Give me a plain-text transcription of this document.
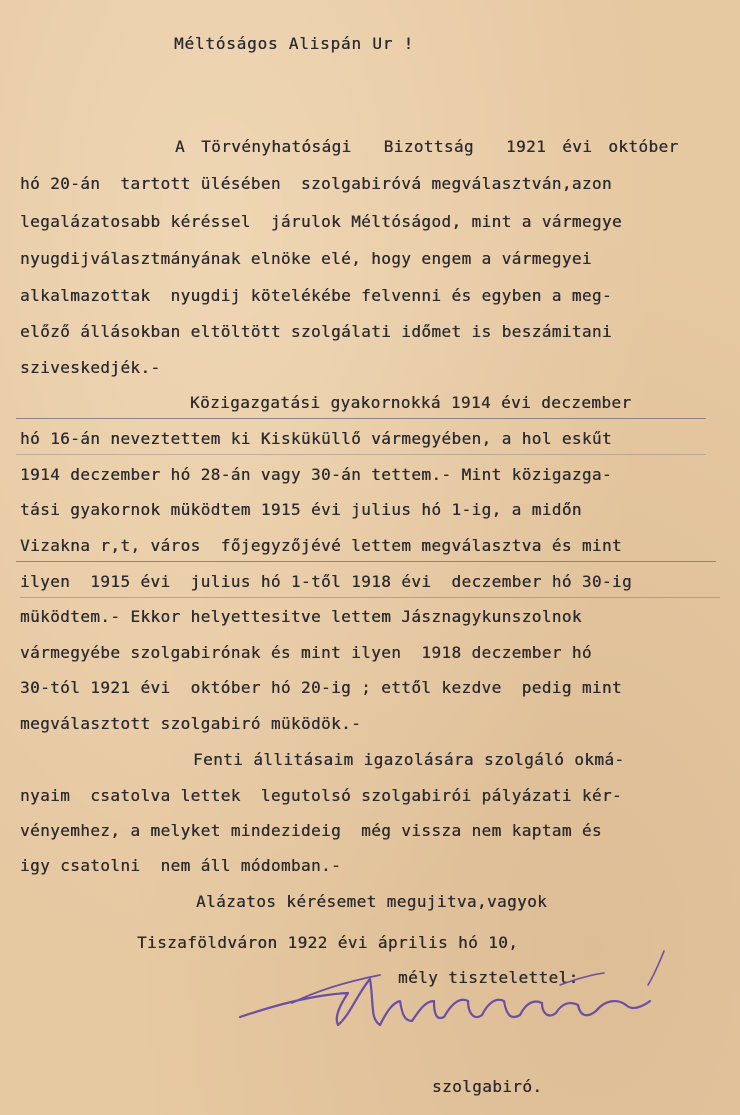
Méltóságos Alispán Ur !
A Törvényhatósági  Bizottság  1921 évi október
hó 20-án  tartott ülésében  szolgabiróvá megválasztván,azon
legalázatosabb kéréssel  járulok Méltóságod, mint a vármegye
nyugdijválasztmányának elnöke elé, hogy engem a vármegyei
alkalmazottak  nyugdij kötelékébe felvenni és egyben a meg-
előző állásokban eltöltött szolgálati időmet is beszámitani
sziveskedjék.-
Közigazgatási gyakornokká 1914 évi deczember
hó 16-án neveztettem ki Kisküküllő vármegyében, a hol eskűt
1914 deczember hó 28-án vagy 30-án tettem.- Mint közigazga-
tási gyakornok müködtem 1915 évi julius hó 1-ig, a midőn
Vizakna r,t, város  főjegyzőjévé lettem megválasztva és mint
ilyen  1915 évi  julius hó 1-től 1918 évi  deczember hó 30-ig
müködtem.- Ekkor helyettesitve lettem Jásznagykunszolnok
vármegyébe szolgabirónak és mint ilyen  1918 deczember hó
30-tól 1921 évi  október hó 20-ig ; ettől kezdve  pedig mint
megválasztott szolgabiró müködök.-
Fenti állitásaim igazolására szolgáló okmá-
nyaim  csatolva lettek  legutolsó szolgabirói pályázati kér-
vényemhez, a melyket mindezideig  még vissza nem kaptam és
igy csatolni  nem áll módomban.-
Alázatos kérésemet megujitva,vagyok
Tiszaföldváron 1922 évi április hó 10,
mély tisztelettel:
szolgabiró.
